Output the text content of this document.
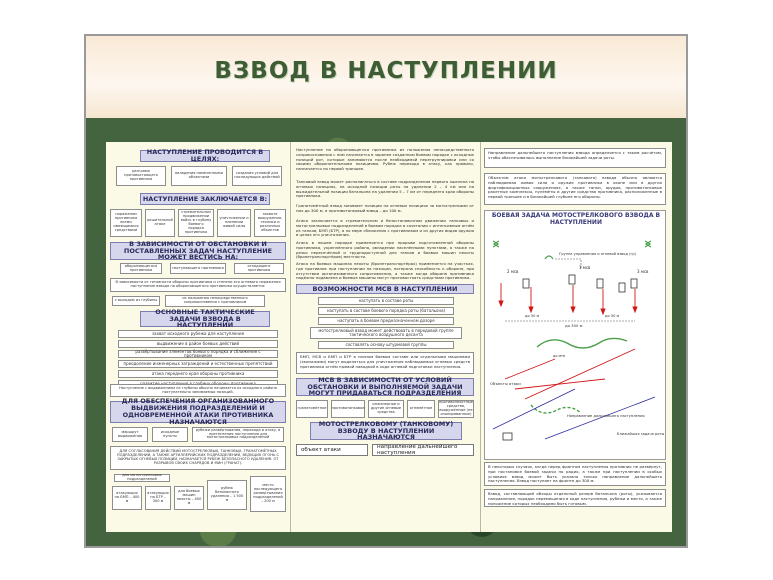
ВЗВОД В НАСТУПЛЕНИИ
НАСТУПЛЕНИЕ ПРОВОДИТСЯ В ЦЕЛЯХ:
разгрома противостоящего противника
овладения намеченными объектами
создания условий для последующих действий
НАСТУПЛЕНИЕ ЗАКЛЮЧАЕТСЯ В:
поражении противника всеми имеющимися средствами
решительной атаке
стремительном продвижении войск в глубину боевого порядка противника
уничтожении и пленении живой силы
захвате вооружения, техники и различных объектов
В ЗАВИСИМОСТИ ОТ ОБСТАНОВКИ И ПОСТАВЛЕННЫХ ЗАДАЧ НАСТУПЛЕНИЕ МОЖЕТ ВЕСТИСЬ НА:
обороняющегося противника	наступающего противника	отходящего противника
В зависимости от готовности обороны противника и степени его огневого поражения наступление взвода на обороняющегося противника осуществляется:
с выходом из глубины	из положения непосредственного соприкосновения с противником
ОСНОВНЫЕ ТАКТИЧЕСКИЕ ЗАДАЧИ ВЗВОДА В НАСТУПЛЕНИИ
захват исходного рубежа для наступления
выдвижение в район боевых действий
развёртывание элементов боевого порядка и сближение с противником
преодоление инженерных заграждений и естественных препятствий
атака переднего края обороны противника
Наступление с выдвижением из глубины обычно начинается из исходного района поступательно занимаемых позиций.
ДЛЯ ОБЕСПЕЧЕНИЯ ОРГАНИЗОВАННОГО ВЫДВИЖЕНИЯ ПОДРАЗДЕЛЕНИЙ И ОДНОВРЕМЕННОЙ АТАКИ ПРОТИВНИКА НАЗНАЧАЮТСЯ
маршрут выдвижения
исходные пункты
рубежи развёртывания, перехода в атаку, в претеснения наступления для мотострелковых подразделений
ДЛЯ СОГЛАСОВАНИЯ ДЕЙСТВИЙ МОТОСТРЕЛКОВЫХ, ТАНКОВЫХ, ГРАНАТОМЁТНЫХ ПОДРАЗДЕЛЕНИЙ, А ТАКЖЕ АРТИЛЛЕРИЙСКИХ ПОДРАЗДЕЛЕНИЙ, ВЕДУЩИХ ОГОНЬ С ЗАКРЫТЫХ ОГНЕВЫХ ПОЗИЦИЙ, НАЗНАЧАЕТСЯ РУБЕЖ БЕЗОПАСНОГО УДАЛЕНИЯ. ОТ РАЗРЫВОВ СВОИХ СНАРЯДОВ И МИН (ГРАНАТ).
для мотострелковых подразделений
атакующих на БМП – 400 м
атакующих на БТР – 300 м
для боевых машин пехоты – 400 м
рубеж безопасного удаления – 1 500 м
место последующего развертывания подразделений – 200 м
Наступление на обороняющегося противника из положения непосредственного соприкосновения с ним начинается в заранее созданном боевом порядке с исходных позиций рот, которые занимаются после необходимой перегруппировки или со своими оборонительными позициями. Рубеж перехода в атаку, как правило, назначается по первой траншее.
Танковый взвод может располагаться в составе подразделения первого эшелона на огневых позициях, на исходной позиции роты на удалении 2 – 4 км или на выжидательной позиции батальона на удалении 5 – 7 км от переднего края обороны противника.
Гранатомётный взвод занимает позиции на огневых позициях за мотострелками от них до 300 м, а противотанковый взвод – до 100 м.
Атака заключается в стремительном и безостановочном движении танковых и мотострелковых подразделений в боевом порядке в сочетании с интенсивным огнём из танков, БМП (БТР), а по мере сближения с противником и из других видов оружия в целях его уничтожения.
Атака в пешем порядке применяется при прорыве подготовленной обороны противника, укреплённого района, овладении населёнными пунктами, а также на резко пересечённой и труднодоступной для танков и боевых машин пехоты (бронетранспортёров) местности.
Атака на боевых машинах пехоты (бронетранспортёрах) применяется на участках, где противник при наступлении на позиции, потеряла способность к обороне, при отсутствии организованного сопротивления, а также когда оборона противника надёжно подавлена и боевые машины могут противостоять средствам противника.
ВОЗМОЖНОСТИ МСВ В НАСТУПЛЕНИИ
наступать в составе роты
наступать в составе боевого порядка роты (батальона)
наступать в боевом предназначенном дозоре
мотострелковый взвод может действовать в передовой группе тактического воздушного десанта
составлять основу штурмовой группы
БМП, МСВ и БМП и БТР в полном боевом составе или отдельными машинами (экипажами) могут выделяться для уничтожения наблюдаемых огневых средств противника огнём прямой наводкой в ходе огневой подготовки наступления.
МСВ В ЗАВИСИМОСТИ ОТ УСЛОВИЙ ОБСТАНОВКИ И ВЫПОЛНЯЕМОЙ ЗАДАЧИ МОГУТ ПРИДАВАТЬСЯ ПОДРАЗДЕЛЕНИЯ
гранатомётное	противотанковое
инженерное и другие огневые средства
огнемётное
противопехотные средства, вооружённые (не изолированные)
МОТОСТРЕЛКОВОМУ (ТАНКОВОМУ) ВЗВОДУ В НАСТУПЛЕНИИ НАЗНАЧАЮТСЯ
объект атаки	направление дальнейшего наступления
Направление дальнейшего наступления взвода определяется с таким расчётом, чтобы обеспечивалось выполнение ближайшей задачи роты.
Объектом атаки мотострелкового (танкового) взвода обычно являются наблюдаемая живая сила и оружие противника в окопе или в других фортификационных сооружениях, а также танки, орудия, противотанковые ракетные комплексы, пулемёты и другие средства противника, расположенные в первой траншее и в ближайшей глубине его обороны.
БОЕВАЯ ЗАДАЧА МОТОСТРЕЛКОВОГО ВЗВОДА В НАСТУПЛЕНИИ
Группа управления и огневой взвод (гр)
2 мсв
1 мсв
3 мсв
до 50 м	до 50 м
до 300 м
Объекты атаки
Направление дальнейшего наступления
Ближайшая задача роты
до мтв
В некоторых случаях, когда перед фронтом наступления противник не развёрнут, при постановке боевой задачи по радио, а также при наступлении в особых условиях взвод может быть указано только направление дальнейшего наступления. Взвод наступает на фронте до 300 м.
Взвод, составляющий обходы отдельный резерв батальона (роты), указывается направление, порядок перемещения в ходе наступления, рубежи и место, а также положение которых необходимо быть готовым.
